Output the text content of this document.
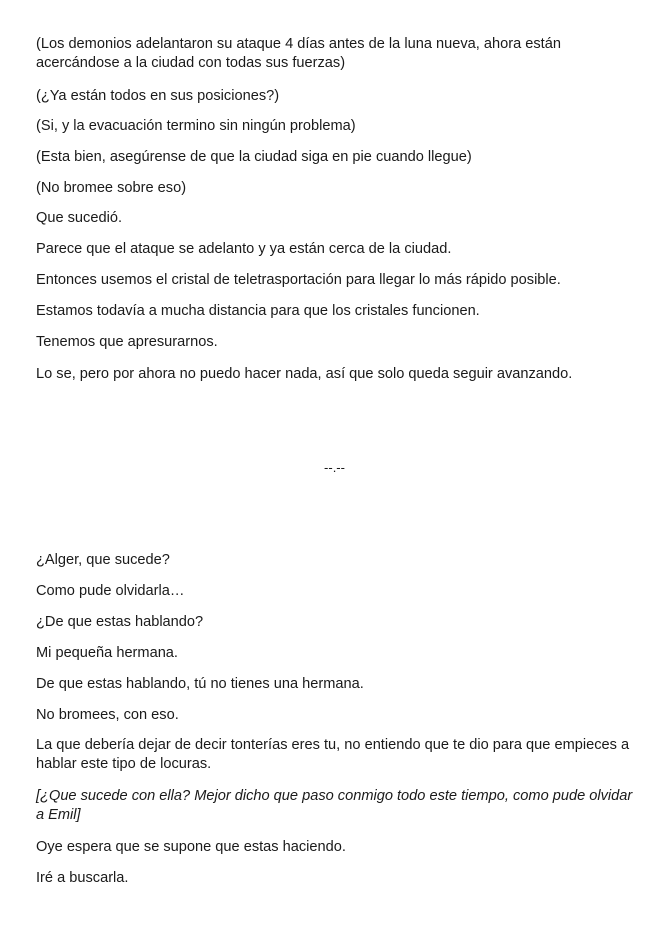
(Los demonios adelantaron su ataque 4 días antes de la luna nueva, ahora están acercándose a la ciudad con todas sus fuerzas)

(¿Ya están todos en sus posiciones?)

(Si, y la evacuación termino sin ningún problema)

(Esta bien, asegúrense de que la ciudad siga en pie cuando llegue)

(No bromee sobre eso)

Que sucedió.

Parece que el ataque se adelanto y ya están cerca de la ciudad.

Entonces usemos el cristal de teletrasportación para llegar lo más rápido posible.

Estamos todavía a mucha distancia para que los cristales funcionen.

Tenemos que apresurarnos.

Lo se, pero por ahora no puedo hacer nada, así que solo queda seguir avanzando.

--.--

¿Alger, que sucede?

Como pude olvidarla…

¿De que estas hablando?

Mi pequeña hermana.

De que estas hablando, tú no tienes una hermana.

No bromees, con eso.

La que debería dejar de decir tonterías eres tu, no entiendo que te dio para que empieces a hablar este tipo de locuras.

[¿Que sucede con ella? Mejor dicho que paso conmigo todo este tiempo, como pude olvidar a Emil]

Oye espera que se supone que estas haciendo.

Iré a buscarla.
